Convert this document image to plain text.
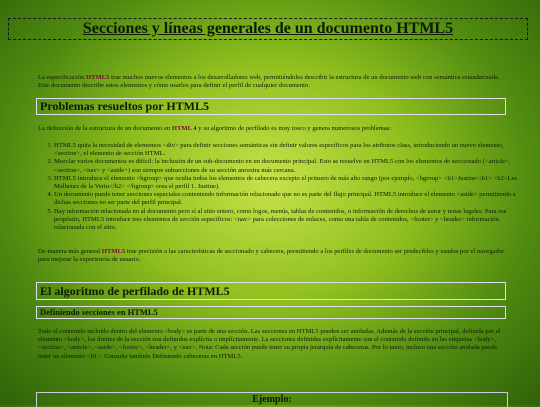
Secciones y líneas generales de un documento HTML5
La especificación HTML5 trae muchos nuevos elementos a los desarrolladores web, permitiéndoles describir la estructura de un documento web con semántica estandarizada. Este documento describe estos elementos y cómo usarlos para definir el perfil de cualquier documento.
Problemas resueltos por HTML5
La definición de la estructura de un documento en HTML 4 y su algoritmo de perfilado es muy tosco y genera numerosos problemas:
1. HTML5 quita la necesidad de elementos <div> para definir secciones semánticas sin definir valores específicos para los atributos class, introduciendo un nuevo elemento, <section>, el elemento de sección HTML.
2. Mezclar varios documentos es difícil: la inclusión de un sub-documento en un documento principal. Esto se resuelve en HTML5 con los elementos de seccionado (<article>, <section>, <nav> y <aside>) son siempre subsecciones de su sección ancestra más cercana.
3. HTML5 introduce el elemento <hgroup> que oculta todos los elementos de cabecera excepto el primero de más alto rango (por ejemplo, <hgroup> <h1>Justine</h1> <h2>Les Malheurs de la Vertu</h2> </hgroup> crea el perfil 1. Justine).
4. Un documento puede tener secciones especiales conteniendo información relacionado que no es parte del flujo principal. HTML5 introduce el elemento <aside> permitiendo a dichas secciones no ser parte del perfil principal.
5. Hay información relacionada no al documento pero sí al sitio entero, como logos, menús, tablas de contenidos, o información de derechos de autor y notas legales. Para ese propósito, HTML5 introduce tres elementos de sección específicos: <nav> para colecciones de enlaces, como una tabla de contenidos, <footer> y <header> información relacionada con el sitio.
De manera más general HTML5 trae precisión a las características de seccionado y cabecera, permitiendo a los perfiles de documento ser predecibles y usados por el navegador para mejorar la experiencia de usuario.
El algoritmo de perfilado de HTML5
Definiendo secciones en HTML5
Todo el contenido incluido dentro del elemento <body> es parte de una sección. Las secciones en HTML5 pueden ser anidadas. Además de la sección principal, definida por el elemento <body>, los límites de la sección son definidos explícita o implícitamente. La secciones definidas explícitamente son el contenido definido en las etiquetas <body>, <section>, <article>, <aside>, <footer>, <header>, y <nav>. Nota: Cada sección puede tener su propia jerarquía de cabeceras. Por lo tanto, incluso una sección anidada puede tener un elemento <h1>. Consulte también Definiendo cabeceras en HTML5.
Ejemplo:
